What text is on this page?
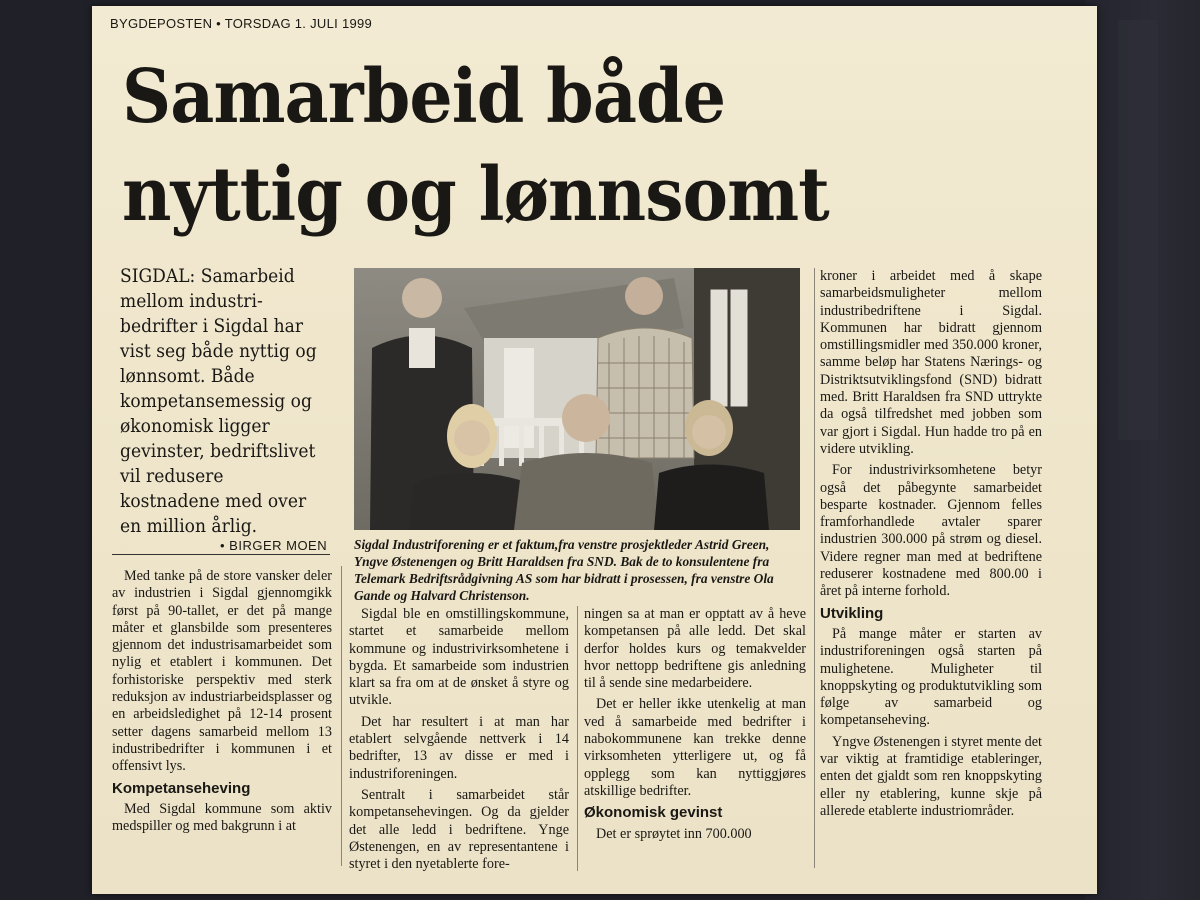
BYGDEPOSTEN • TORSDAG 1. JULI 1999
Samarbeid både
nyttig og lønnsomt
SIGDAL: Samarbeid mellom industri-bedrifter i Sigdal har vist seg både nyttig og lønnsomt. Både kompetansemessig og økonomisk ligger gevinster, bedriftslivet vil redusere kostnadene med over en million årlig.
• BIRGER MOEN Sigdal Industriforening er et faktum,fra venstre prosjektleder Astrid Green, Yngve Østenengen og Britt Haraldsen fra SND. Bak de to konsulentene fra Telemark Bedriftsrådgivning AS som har bidratt i prosessen, fra venstre Ola Gande og Halvard Christenson.

Med tanke på de store vansker deler av industrien i Sigdal gjennomgikk først på 90-tallet, er det på mange måter et glansbilde som presenteres gjennom det industrisamarbeidet som nylig et etablert i kommunen. Det forhistoriske perspektiv med sterk reduksjon av industriarbeidsplasser og en arbeidsledighet på 12-14 prosent setter dagens samarbeid mellom 13 industribedrifter i kommunen i et offensivt lys.

Kompetanseheving

Med Sigdal kommune som aktiv medspiller og med bakgrunn i at

Sigdal ble en omstillingskommune, startet et samarbeide mellom kommune og industrivirksomhetene i bygda. Et samarbeide som industrien klart sa fra om at de ønsket å styre og utvikle.

Det har resultert i at man har etablert selvgående nettverk i 14 bedrifter, 13 av disse er med i industriforeningen.

Sentralt i samarbeidet står kompetansehevingen. Og da gjelder det alle ledd i bedriftene. Ynge Østenengen, en av representantene i styret i den nyetablerte fore-

ningen sa at man er opptatt av å heve kompetansen på alle ledd. Det skal derfor holdes kurs og temakvelder hvor nettopp bedriftene gis anledning til å sende sine medarbeidere.

Det er heller ikke utenkelig at man ved å samarbeide med bedrifter i nabokommunene kan trekke denne virksomheten ytterligere ut, og få opplegg som kan nyttiggjøres atskillige bedrifter.

Økonomisk gevinst

Det er sprøytet inn 700.000

kroner i arbeidet med å skape samarbeidsmuligheter mellom industribedriftene i Sigdal. Kommunen har bidratt gjennom omstillingsmidler med 350.000 kroner, samme beløp har Statens Nærings- og Distriktsutviklingsfond (SND) bidratt med. Britt Haraldsen fra SND uttrykte da også tilfredshet med jobben som var gjort i Sigdal. Hun hadde tro på en videre utvikling.

For industrivirksomhetene betyr også det påbegynte samarbeidet besparte kostnader. Gjennom felles framforhandlede avtaler sparer industrien 300.000 på strøm og diesel. Videre regner man med at bedriftene reduserer kostnadene med 800.00 i året på interne forhold.

Utvikling

På mange måter er starten av industriforeningen også starten på mulighetene. Muligheter til knoppskyting og produktutvikling som følge av samarbeid og kompetanseheving.

Yngve Østenengen i styret mente det var viktig at framtidige etableringer, enten det gjaldt som ren knoppskyting eller ny etablering, kunne skje på allerede etablerte industriområder.
